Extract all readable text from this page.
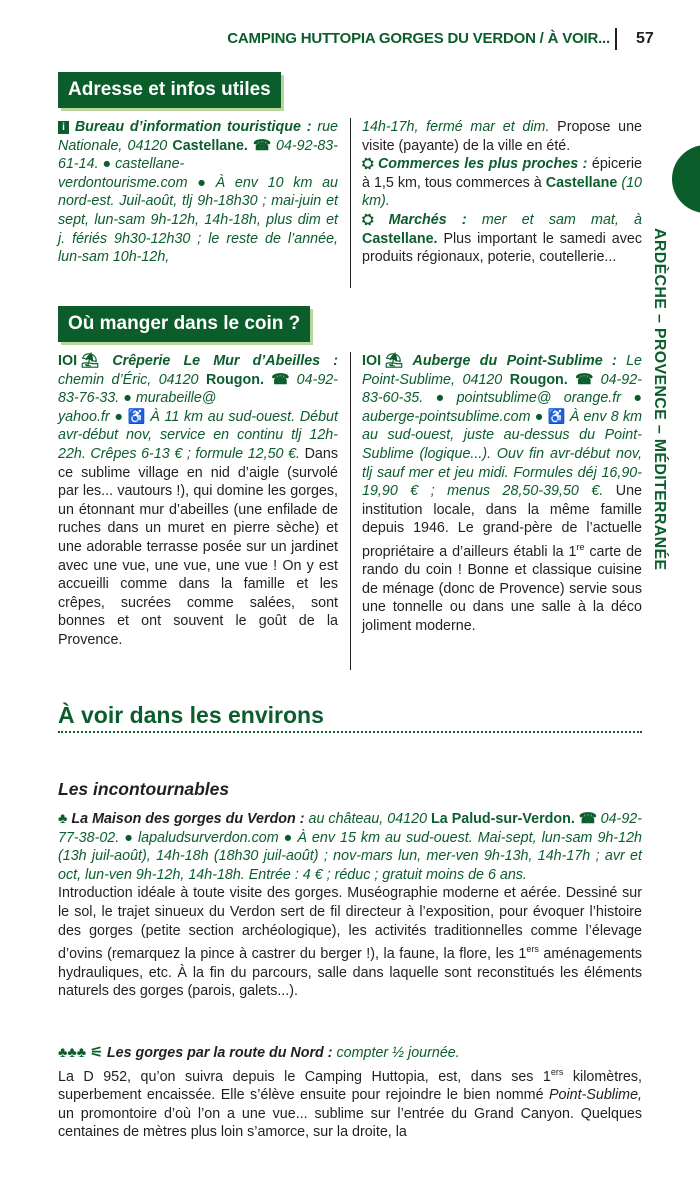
CAMPING HUTTOPIA GORGES DU VERDON / À VOIR... 57
ARDÈCHE – PROVENCE – MÉDITERRANÉE
Adresse et infos utiles

i Bureau d’information touristique : rue Nationale, 04120 Castellane. ☎ 04-92-83-61-14. ● castellane-
verdontourisme.com ● À env 10 km au nord-est. Juil-août, tlj 9h-18h30 ; mai-juin et sept, lun-sam 9h-12h, 14h-18h, plus dim et j. fériés 9h30-12h30 ; le reste de l’année, lun-sam 10h-12h,

14h-17h, fermé mar et dim. Propose une visite (payante) de la ville en été.
⛭ Commerces les plus proches : épicerie à 1,5 km, tous commerces à Castellane (10 km).
⛭ Marchés : mer et sam mat, à Castellane. Plus important le samedi avec produits régionaux, poterie, coutellerie...

Où manger dans le coin ?

IOI ⛱ Crêperie Le Mur d’Abeilles : chemin d’Éric, 04120 Rougon. ☎ 04-92-83-76-33. ● murabeille@
yahoo.fr ● ♿ À 11 km au sud-ouest. Début avr-début nov, service en continu tlj 12h-22h. Crêpes 6-13 € ; formule 12,50 €. Dans ce sublime village en nid d’aigle (survolé par les... vautours !), qui domine les gorges, un étonnant mur d’abeilles (une enfilade de ruches dans un muret en pierre sèche) et une adorable terrasse posée sur un jardinet avec une vue, une vue, une vue ! On y est accueilli comme dans la famille et les crêpes, sucrées comme salées, sont bonnes et ont souvent le goût de la Provence.

IOI ⛱ Auberge du Point-Sublime : Le Point-Sublime, 04120 Rougon. ☎ 04-92-83-60-35. ● pointsublime@ orange.fr ● auberge-pointsublime.com ● ♿ À env 8 km au sud-ouest, juste au-dessus du Point-Sublime (logique...). Ouv fin avr-début nov, tlj sauf mer et jeu midi. Formules déj 16,90-19,90 € ; menus 28,50-39,50 €. Une institution locale, dans la même famille depuis 1946. Le grand-père de l’actuelle propriétaire a d’ailleurs établi la 1re carte de rando du coin ! Bonne et classique cuisine de ménage (donc de Provence) servie sous une tonnelle ou dans une salle à la déco joliment moderne.

À voir dans les environs
Les incontournables

♣ La Maison des gorges du Verdon : au château, 04120 La Palud-sur-Verdon. ☎ 04-92-77-38-02. ● lapaludsurverdon.com ● À env 15 km au sud-ouest. Mai-sept, lun-sam 9h-12h (13h juil-août), 14h-18h (18h30 juil-août) ; nov-mars lun, mer-ven 9h-13h, 14h-17h ; avr et oct, lun-ven 9h-12h, 14h-18h. Entrée : 4 € ; réduc ; gratuit moins de 6 ans.
Introduction idéale à toute visite des gorges. Muséographie moderne et aérée. Dessiné sur le sol, le trajet sinueux du Verdon sert de fil directeur à l’exposition, pour évoquer l’histoire des gorges (petite section archéologique), les activités traditionnelles comme l’élevage d’ovins (remarquez la pince à castrer du berger !), la faune, la flore, les 1ers aménagements hydrauliques, etc. À la fin du parcours, salle dans laquelle sont reconstitués les éléments naturels des gorges (parois, galets...).

♣♣♣ ⚟ Les gorges par la route du Nord : compter ½ journée.
La D 952, qu’on suivra depuis le Camping Huttopia, est, dans ses 1ers kilomètres, superbement encaissée. Elle s’élève ensuite pour rejoindre le bien nommé Point-Sublime, un promontoire d’où l’on a une vue... sublime sur l’entrée du Grand Canyon. Quelques centaines de mètres plus loin s’amorce, sur la droite, la
